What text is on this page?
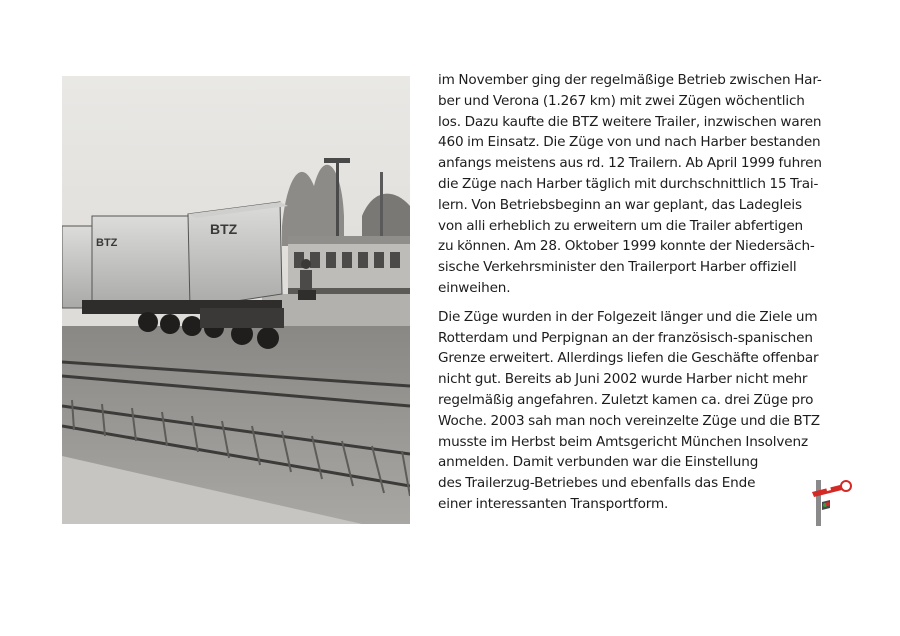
BTZ
BTZ

im November ging der regelmäßige Betrieb zwischen Har-
ber und Verona (1.267 km) mit zwei Zügen wöchentlich
los. Dazu kaufte die BTZ weitere Trailer, inzwischen waren
460 im Einsatz. Die Züge von und nach Harber bestanden
anfangs meistens aus rd. 12 Trailern. Ab April 1999 fuhren
die Züge nach Harber täglich mit durchschnittlich 15 Trai-
lern. Von Betriebsbeginn an war geplant, das Ladegleis
von alli erheblich zu erweitern um die Trailer abfertigen
zu können. Am 28. Oktober 1999 konnte der Niedersäch-
sische Verkehrsminister den Trailerport Harber offiziell
einweihen.

Die Züge wurden in der Folgezeit länger und die Ziele um
Rotterdam und Perpignan an der französisch-spanischen
Grenze erweitert. Allerdings liefen die Geschäfte offenbar
nicht gut. Bereits ab Juni 2002 wurde Harber nicht mehr
regelmäßig angefahren. Zuletzt kamen ca. drei Züge pro
Woche. 2003 sah man noch vereinzelte Züge und die BTZ
musste im Herbst beim Amtsgericht München Insolvenz
anmelden. Damit verbunden war die Einstellung
des Trailerzug-Betriebes und ebenfalls das Ende
einer interessanten Transportform.
